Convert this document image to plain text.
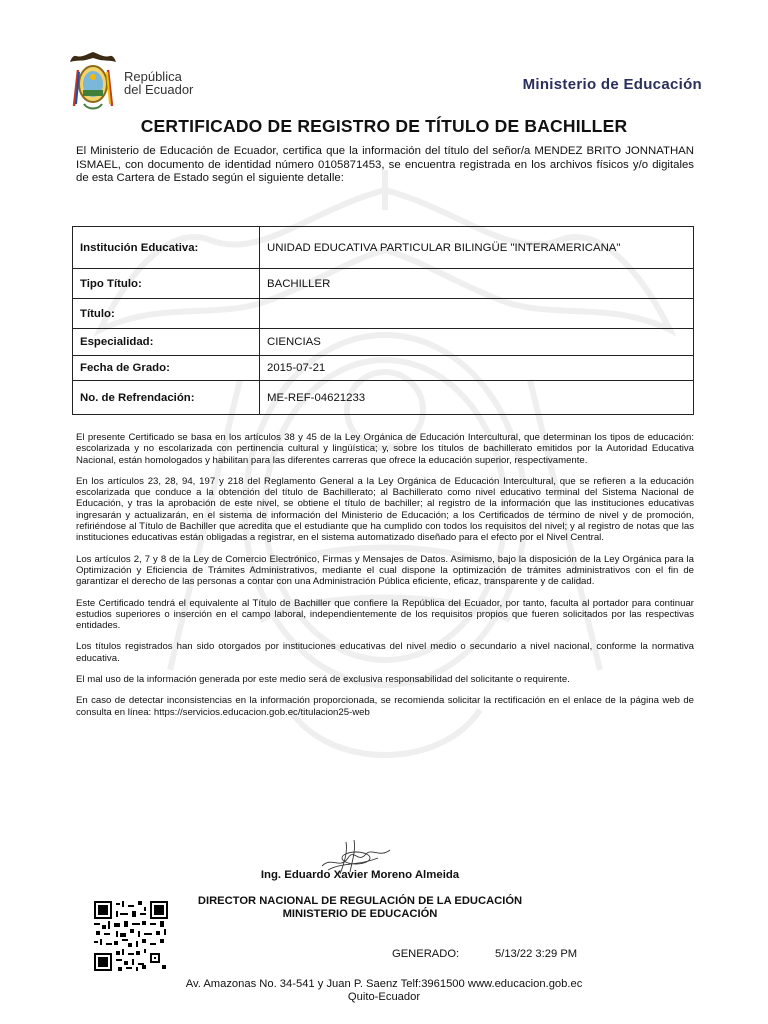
República
del Ecuador	Ministerio de Educación
CERTIFICADO DE REGISTRO DE TÍTULO DE BACHILLER
El Ministerio de Educación de Ecuador, certifica que la información del título del señor/a MENDEZ BRITO JONNATHAN ISMAEL, con documento de identidad número 0105871453, se encuentra registrada en los archivos físicos y/o digitales de esta Cartera de Estado según el siguiente detalle:
Institución Educativa:	UNIDAD EDUCATIVA PARTICULAR BILINGÜE "INTERAMERICANA"
Tipo Título:	BACHILLER
Título:	
Especialidad:	CIENCIAS
Fecha de Grado:	2015-07-21
No. de Refrendación:	ME-REF-04621233

El presente Certificado se basa en los artículos 38 y 45 de la Ley Orgánica de Educación Intercultural, que determinan los tipos de educación: escolarizada y no escolarizada con pertinencia cultural y lingüística; y, sobre los títulos de bachillerato emitidos por la Autoridad Educativa Nacional, están homologados y habilitan para las diferentes carreras que ofrece la educación superior, respectivamente.

En los artículos 23, 28, 94, 197 y 218 del Reglamento General a la Ley Orgánica de Educación Intercultural, que se refieren a la educación escolarizada que conduce a la obtención del título de Bachillerato; al Bachillerato como nivel educativo terminal del Sistema Nacional de Educación, y tras la aprobación de este nivel, se obtiene el título de bachiller; al registro de la información que las instituciones educativas ingresarán y actualizarán, en el sistema de información del Ministerio de Educación; a los Certificados de término de nivel y de promoción, refiriéndose al Título de Bachiller que acredita que el estudiante que ha cumplido con todos los requisitos del nivel; y al registro de notas que las instituciones educativas están obligadas a registrar, en el sistema automatizado diseñado para el efecto por el Nivel Central.

Los artículos 2, 7 y 8 de la Ley de Comercio Electrónico, Firmas y Mensajes de Datos. Asimismo, bajo la disposición de la Ley Orgánica para la Optimización y Eficiencia de Trámites Administrativos, mediante el cual dispone la optimización de trámites administrativos con el fin de garantizar el derecho de las personas a contar con una Administración Pública eficiente, eficaz, transparente y de calidad.

Este Certificado tendrá el equivalente al Título de Bachiller que confiere la República del Ecuador, por tanto, faculta al portador para continuar estudios superiores o inserción en el campo laboral, independientemente de los requisitos propios que fueren solicitados por las respectivas entidades.

Los títulos registrados han sido otorgados por instituciones educativas del nivel medio o secundario a nivel nacional, conforme la normativa educativa.

El mal uso de la información generada por este medio será de exclusiva responsabilidad del solicitante o requirente.

En caso de detectar inconsistencias en la información proporcionada, se recomienda solicitar la rectificación en el enlace de la página web de consulta en línea: https://servicios.educacion.gob.ec/titulacion25-web

Ing. Eduardo Xavier Moreno Almeida
DIRECTOR NACIONAL DE REGULACIÓN DE LA EDUCACIÓN
MINISTERIO DE EDUCACIÓN
GENERADO:	5/13/22 3:29 PM
Av. Amazonas No. 34-541 y Juan P. Saenz Telf:3961500 www.educacion.gob.ec
Quito-Ecuador
